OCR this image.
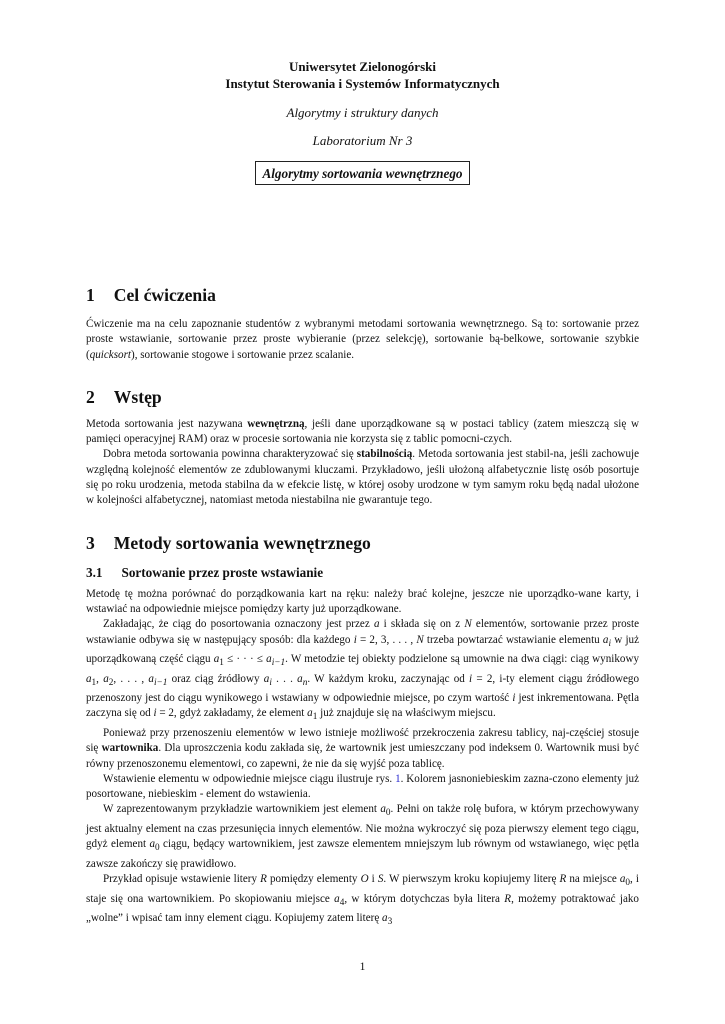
Uniwersytet Zielonogórski
Instytut Sterowania i Systemów Informatycznych
Algorytmy i struktury danych
Laboratorium Nr 3
Algorytmy sortowania wewnętrznego
1 Cel ćwiczenia

Ćwiczenie ma na celu zapoznanie studentów z wybranymi metodami sortowania wewnętrznego. Są to: sortowanie przez proste wstawianie, sortowanie przez proste wybieranie (przez selekcję), sortowanie bą-belkowe, sortowanie szybkie (quicksort), sortowanie stogowe i sortowanie przez scalanie.

2 Wstęp

Metoda sortowania jest nazywana wewnętrzną, jeśli dane uporządkowane są w postaci tablicy (zatem mieszczą się w pamięci operacyjnej RAM) oraz w procesie sortowania nie korzysta się z tablic pomocni-czych.

Dobra metoda sortowania powinna charakteryzować się stabilnością. Metoda sortowania jest stabil-na, jeśli zachowuje względną kolejność elementów ze zdublowanymi kluczami. Przykładowo, jeśli ułożoną alfabetycznie listę osób posortuje się po roku urodzenia, metoda stabilna da w efekcie listę, w której osoby urodzone w tym samym roku będą nadal ułożone w kolejności alfabetycznej, natomiast metoda niestabilna nie gwarantuje tego.

3 Metody sortowania wewnętrznego
3.1 Sortowanie przez proste wstawianie

Metodę tę można porównać do porządkowania kart na ręku: należy brać kolejne, jeszcze nie uporządko-wane karty, i wstawiać na odpowiednie miejsce pomiędzy karty już uporządkowane.

Zakładając, że ciąg do posortowania oznaczony jest przez a i składa się on z N elementów, sortowanie przez proste wstawianie odbywa się w następujący sposób: dla każdego i = 2, 3, . . . , N trzeba powtarzać wstawianie elementu $a_i$ w już uporządkowaną część ciągu $a_1$ ≤ · · · ≤ $a_{i-1}$. W metodzie tej obiekty podzielone są umownie na dwa ciągi: ciąg wynikowy $a_1$, $a_2$, . . . , $a_{i-1}$ oraz ciąg źródłowy $a_i$ . . . $a_n$. W każdym kroku, zaczynając od i = 2, i-ty element ciągu źródłowego przenoszony jest do ciągu wynikowego i wstawiany w odpowiednie miejsce, po czym wartość i jest inkrementowana. Pętla zaczyna się od i = 2, gdyż zakładamy, że element $a_1$ już znajduje się na właściwym miejscu.

Ponieważ przy przenoszeniu elementów w lewo istnieje możliwość przekroczenia zakresu tablicy, naj-częściej stosuje się wartownika. Dla uproszczenia kodu zakłada się, że wartownik jest umieszczany pod indeksem 0. Wartownik musi być równy przenoszonemu elementowi, co zapewni, że nie da się wyjść poza tablicę.

Wstawienie elementu w odpowiednie miejsce ciągu ilustruje rys. 1. Kolorem jasnoniebieskim zazna-czono elementy już posortowane, niebieskim - element do wstawienia.

W zaprezentowanym przykładzie wartownikiem jest element $a_0$. Pełni on także rolę bufora, w którym przechowywany jest aktualny element na czas przesunięcia innych elementów. Nie można wykroczyć się poza pierwszy element tego ciągu, gdyż element $a_0$ ciągu, będący wartownikiem, jest zawsze elementem mniejszym lub równym od wstawianego, więc pętla zawsze zakończy się prawidłowo.

Przykład opisuje wstawienie litery R pomiędzy elementy O i S. W pierwszym kroku kopiujemy literę R na miejsce $a_0$, i staje się ona wartownikiem. Po skopiowaniu miejsce $a_4$, w którym dotychczas była litera R, możemy potraktować jako „wolne” i wpisać tam inny element ciągu. Kopiujemy zatem literę $a_3$

1
